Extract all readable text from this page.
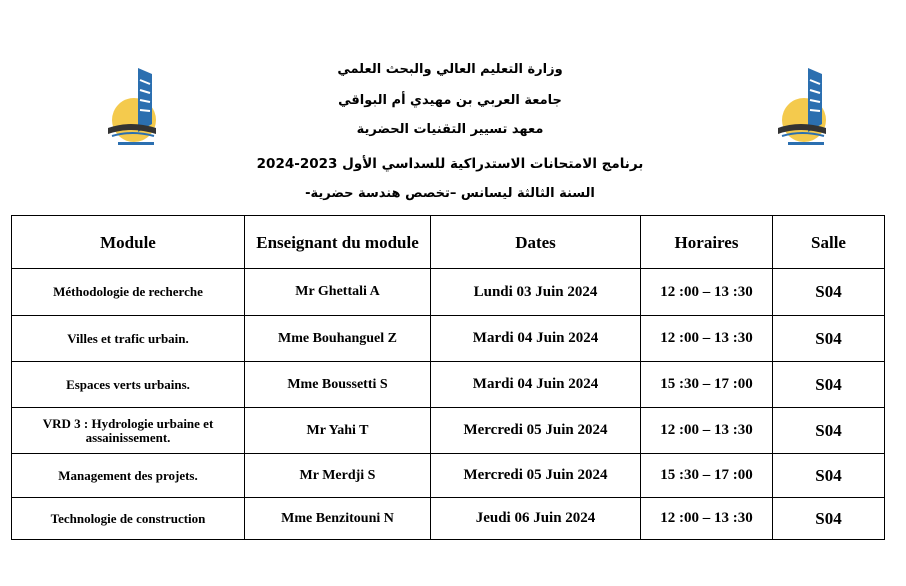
وزارة التعليم العالي والبحث العلمي
جامعة العربي بن مهيدي أم البواقي
معهد تسيير التقنيات الحضرية
برنامج الامتحانات الاستدراكية للسداسي الأول 2023-2024
السنة الثالثة ليسانس –تخصص هندسة حضرية-
Module	Enseignant du module	Dates	Horaires	Salle
Méthodologie de recherche	Mr Ghettali A	Lundi 03 Juin 2024	12 :00 – 13 :30	S04
Villes et trafic urbain.	Mme Bouhanguel Z	Mardi 04 Juin 2024	12 :00 – 13 :30	S04
Espaces verts urbains.	Mme Boussetti S	Mardi 04 Juin 2024	15 :30 – 17 :00	S04
VRD 3 : Hydrologie urbaine et assainissement.	Mr Yahi T	Mercredi 05 Juin 2024	12 :00 – 13 :30	S04
Management des projets.	Mr Merdji S	Mercredi 05 Juin 2024	15 :30 – 17 :00	S04
Technologie de construction	Mme Benzitouni N	Jeudi 06 Juin 2024	12 :00 – 13 :30	S04
